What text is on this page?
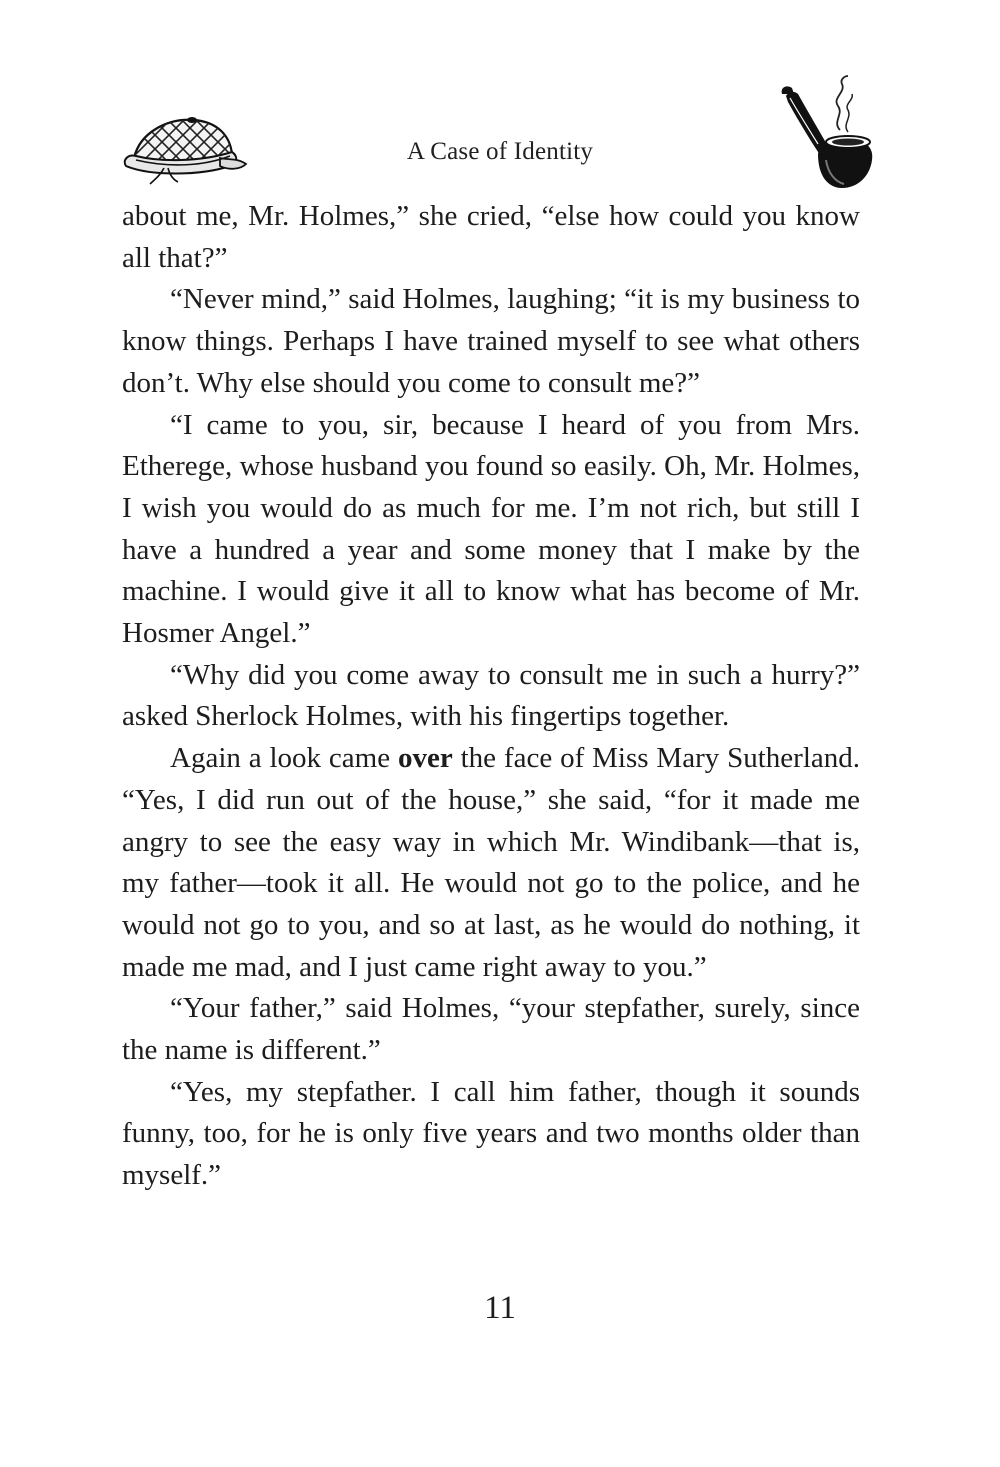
A Case of Identity

about me, Mr. Holmes,” she cried, “else how could you know all that?”

“Never mind,” said Holmes, laughing; “it is my business to know things. Perhaps I have trained myself to see what others don’t. Why else should you come to consult me?”

“I came to you, sir, because I heard of you from Mrs. Etherege, whose husband you found so easily. Oh, Mr. Holmes, I wish you would do as much for me. I’m not rich, but still I have a hundred a year and some money that I make by the machine. I would give it all to know what has become of Mr. Hosmer Angel.”

“Why did you come away to consult me in such a hurry?” asked Sherlock Holmes, with his fingertips together.

Again a look came over the face of Miss Mary Sutherland. “Yes, I did run out of the house,” she said, “for it made me angry to see the easy way in which Mr. Windibank—that is, my father—took it all. He would not go to the police, and he would not go to you, and so at last, as he would do nothing, it made me mad, and I just came right away to you.”

“Your father,” said Holmes, “your stepfather, surely, since the name is different.”

“Yes, my stepfather. I call him father, though it sounds funny, too, for he is only five years and two months older than myself.”

11
